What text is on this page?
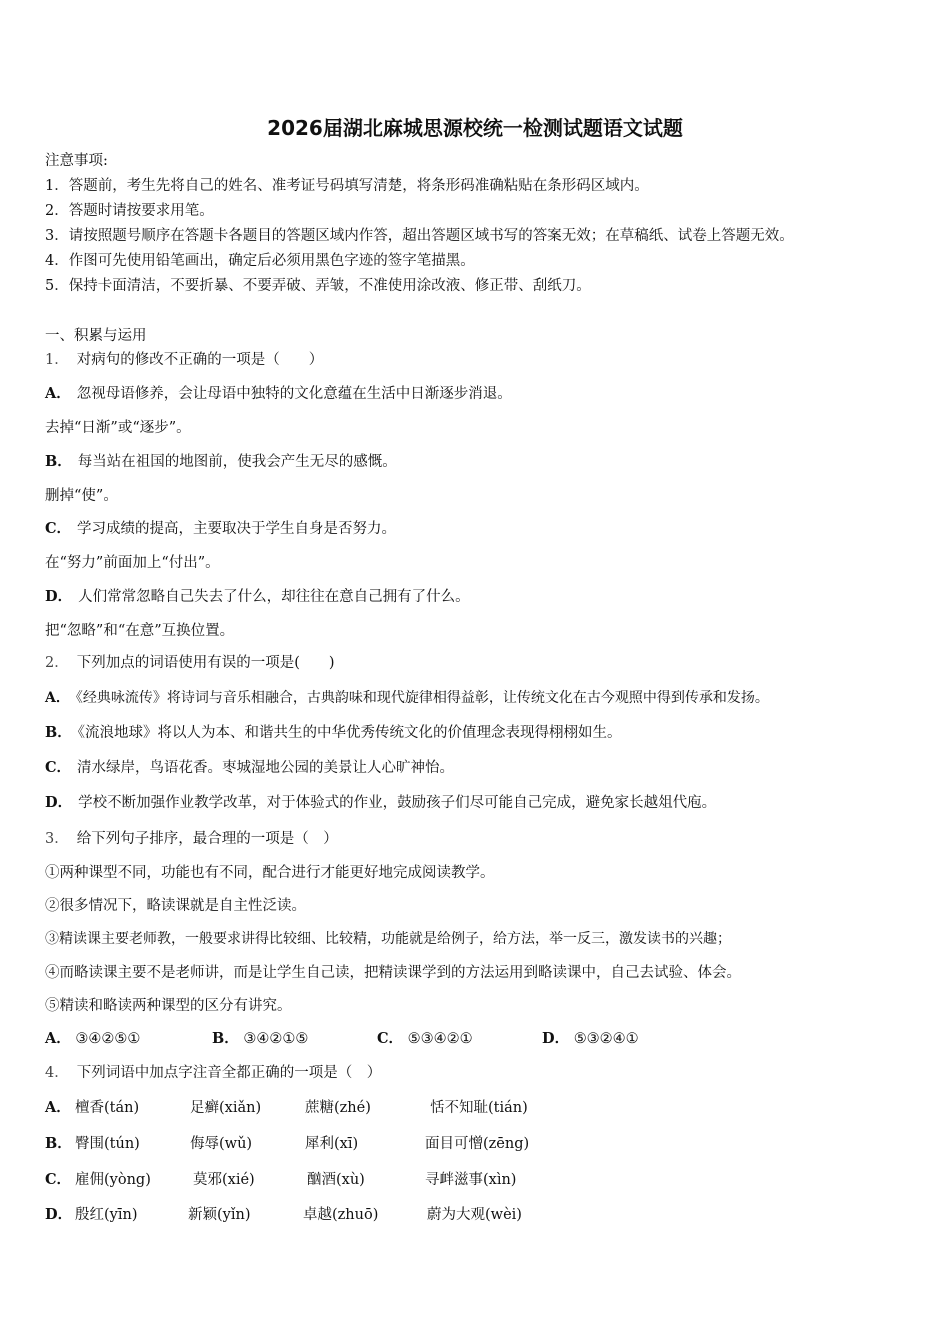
2026届湖北麻城思源校统一检测试题语文试题
注意事项:
1．答题前，考生先将自己的姓名、准考证号码填写清楚，将条形码准确粘贴在条形码区域内。
2．答题时请按要求用笔。
3．请按照题号顺序在答题卡各题目的答题区域内作答，超出答题区域书写的答案无效；在草稿纸、试卷上答题无效。
4．作图可先使用铅笔画出，确定后必须用黑色字迹的签字笔描黑。
5．保持卡面清洁，不要折暴、不要弄破、弄皱，不准使用涂改液、修正带、刮纸刀。
一、积累与运用
1． 对病句的修改不正确的一项是（　　）
A． 忽视母语修养，会让母语中独特的文化意蕴在生活中日渐逐步消退。
去掉“日渐”或“逐步”。
B． 每当站在祖国的地图前，使我会产生无尽的感慨。
删掉“使”。
C． 学习成绩的提高，主要取决于学生自身是否努力。
在“努力”前面加上“付出”。
D． 人们常常忽略自己失去了什么，却往往在意自己拥有了什么。
把“忽略”和“在意”互换位置。
2． 下列加点的词语使用有误的一项是(　　)
A． 《经典咏流传》将诗词与音乐相融合，古典韵味和现代旋律相得益彰，让传统文化在古今观照中得到传承和发扬。
B． 《流浪地球》将以人为本、和谐共生的中华优秀传统文化的价值理念表现得栩栩如生。
C． 清水绿岸，鸟语花香。枣城湿地公园的美景让人心旷神怡。
D． 学校不断加强作业教学改革，对于体验式的作业，鼓励孩子们尽可能自己完成，避免家长越俎代庖。
3． 给下列句子排序，最合理的一项是（　）
①两种课型不同，功能也有不同，配合进行才能更好地完成阅读教学。
②很多情况下，略读课就是自主性泛读。
③精读课主要老师教，一般要求讲得比较细、比较精，功能就是给例子，给方法，举一反三，激发读书的兴趣；
④而略读课主要不是老师讲，而是让学生自己读，把精读课学到的方法运用到略读课中，自己去试验、体会。
⑤精读和略读两种课型的区分有讲究。
A． ③④②⑤①	B． ③④②①⑤	C． ⑤③④②①	D． ⑤③②④①
4． 下列词语中加点字注音全都正确的一项是（　）
A． 檀香(tán)	足癣(xiǎn)	蔗糖(zhé)	恬不知耻(tián)
B． 臀围(tún)	侮辱(wǔ)	犀利(xī)	面目可憎(zēng)
C． 雇佣(yòng)	莫邪(xié)	酗酒(xù)	寻衅滋事(xìn)
D． 殷红(yīn)	新颖(yǐn)	卓越(zhuō)	蔚为大观(wèi)
